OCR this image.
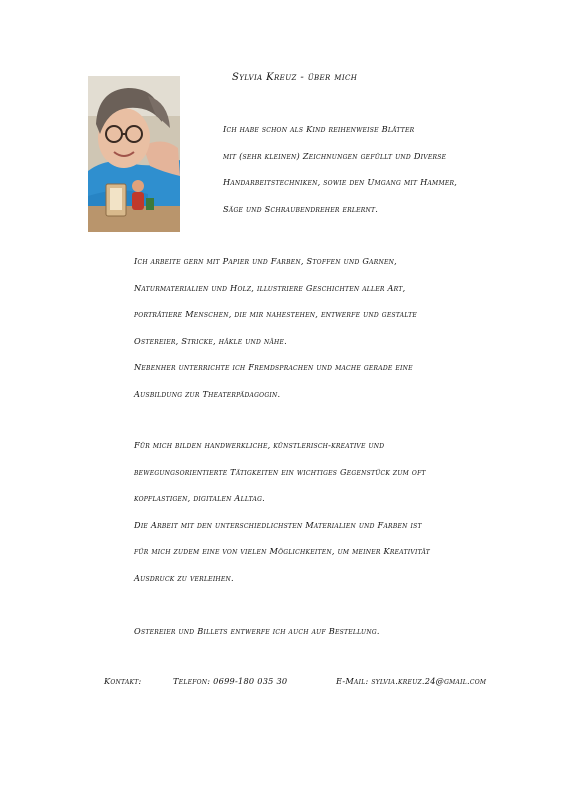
Sylvia Kreuz - über mich
Ich habe schon als Kind reihenweise Blätter
mit (sehr kleinen) Zeichnungen gefüllt und Diverse
Handarbeitstechniken, sowie den Umgang mit Hammer,
Säge und Schraubendreher erlernt.
Ich arbeite gern mit Papier und Farben, Stoffen und Garnen,
Naturmaterialien und Holz, illustriere Geschichten aller Art,
porträtiere Menschen, die mir nahestehen, entwerfe und gestalte
Ostereier, Stricke, häkle und nähe.
Nebenher unterrichte ich Fremdsprachen und mache gerade eine
Ausbildung zur Theaterpädagogin.
Für mich bilden handwerkliche, künstlerisch-kreative und
bewegungsorientierte Tätigkeiten ein wichtiges Gegenstück zum oft
kopflastigen, digitalen Alltag.
Die Arbeit mit den unterschiedlichsten Materialien und Farben ist
für mich zudem eine von vielen Möglichkeiten, um meiner Kreativität
Ausdruck zu verleihen.
Ostereier und Billets entwerfe ich auch auf Bestellung.
Kontakt:	Telefon: 0699-180 035 30	E-Mail: sylvia.kreuz.24@gmail.com
